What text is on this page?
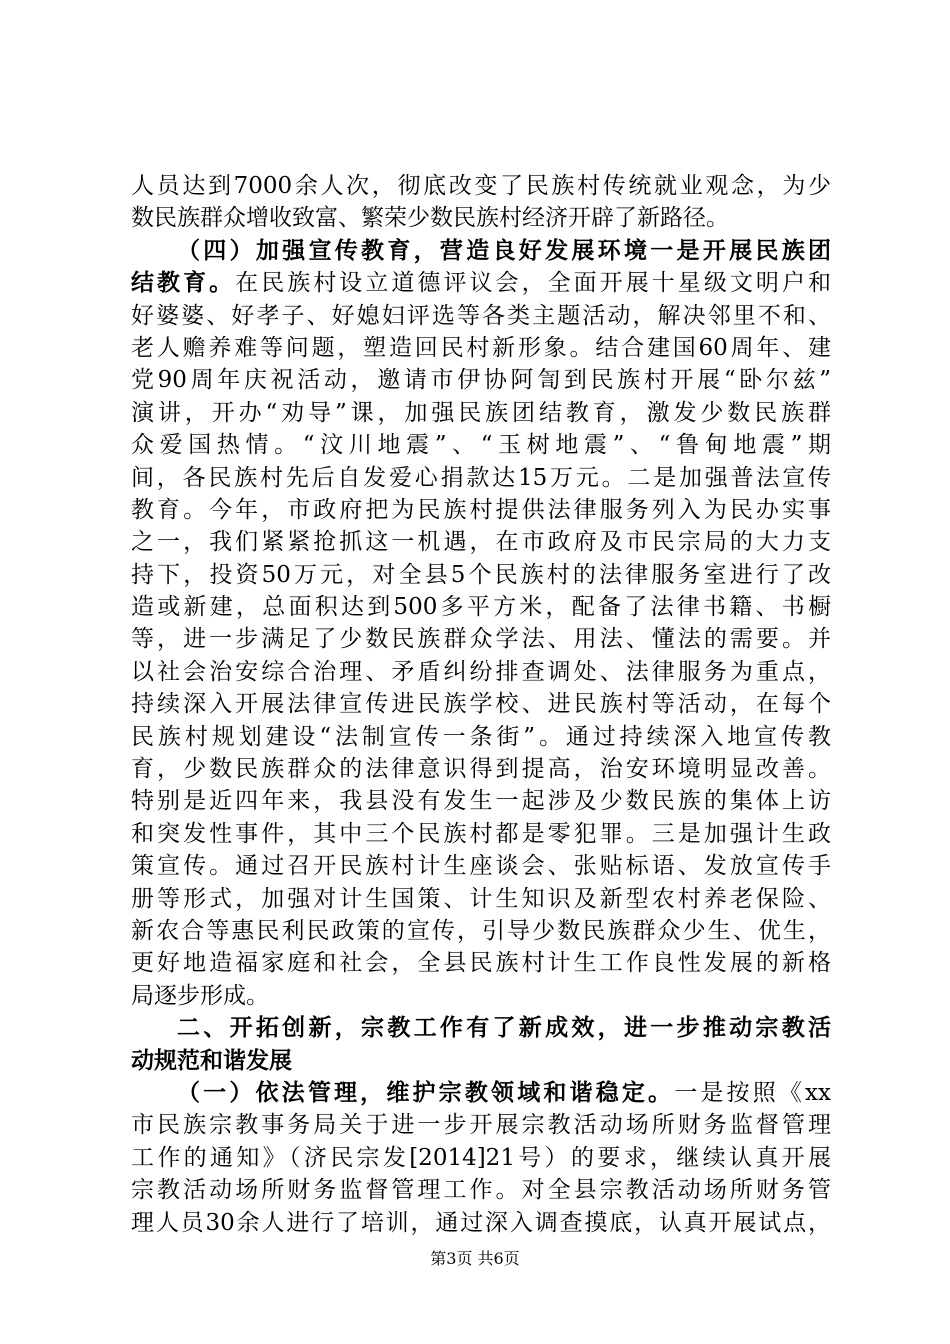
人员达到7000余人次，彻底改变了民族村传统就业观念，为少
数民族群众增收致富、繁荣少数民族村经济开辟了新路径。
（四）加强宣传教育，营造良好发展环境一是开展民族团
结教育。在民族村设立道德评议会，全面开展十星级文明户和
好婆婆、好孝子、好媳妇评选等各类主题活动，解决邻里不和、
老人赡养难等问题，塑造回民村新形象。结合建国60周年、建
党90周年庆祝活动，邀请市伊协阿訇到民族村开展“卧尔兹”
演讲，开办“劝导”课，加强民族团结教育，激发少数民族群
众爱国热情。“汶川地震”、“玉树地震”、“鲁甸地震”期
间，各民族村先后自发爱心捐款达15万元。二是加强普法宣传
教育。今年，市政府把为民族村提供法律服务列入为民办实事
之一，我们紧紧抢抓这一机遇，在市政府及市民宗局的大力支
持下，投资50万元，对全县5个民族村的法律服务室进行了改
造或新建，总面积达到500多平方米，配备了法律书籍、书橱
等，进一步满足了少数民族群众学法、用法、懂法的需要。并
以社会治安综合治理、矛盾纠纷排查调处、法律服务为重点，
持续深入开展法律宣传进民族学校、进民族村等活动，在每个
民族村规划建设“法制宣传一条街”。通过持续深入地宣传教
育，少数民族群众的法律意识得到提高，治安环境明显改善。
特别是近四年来，我县没有发生一起涉及少数民族的集体上访
和突发性事件，其中三个民族村都是零犯罪。三是加强计生政
策宣传。通过召开民族村计生座谈会、张贴标语、发放宣传手
册等形式，加强对计生国策、计生知识及新型农村养老保险、
新农合等惠民利民政策的宣传，引导少数民族群众少生、优生，
更好地造福家庭和社会，全县民族村计生工作良性发展的新格
局逐步形成。
二、开拓创新，宗教工作有了新成效，进一步推动宗教活
动规范和谐发展
（一）依法管理，维护宗教领域和谐稳定。一是按照《xx
市民族宗教事务局关于进一步开展宗教活动场所财务监督管理
工作的通知》（济民宗发[2014]21号）的要求，继续认真开展
宗教活动场所财务监督管理工作。对全县宗教活动场所财务管
理人员30余人进行了培训，通过深入调查摸底，认真开展试点，
第3页 共6页
